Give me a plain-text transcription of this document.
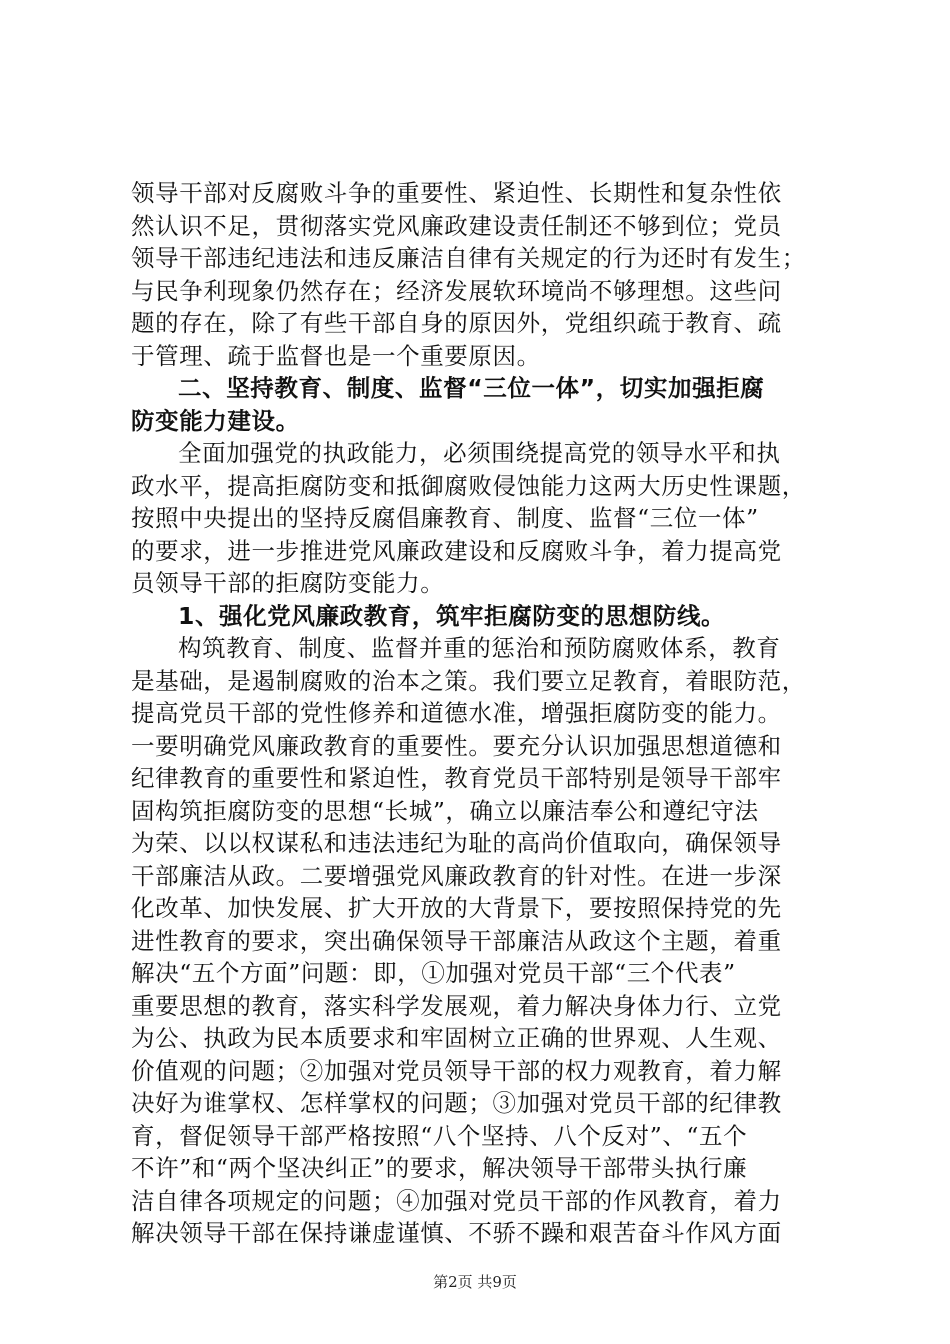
领导干部对反腐败斗争的重要性、紧迫性、长期性和复杂性依
然认识不足，贯彻落实党风廉政建设责任制还不够到位；党员
领导干部违纪违法和违反廉洁自律有关规定的行为还时有发生；
与民争利现象仍然存在；经济发展软环境尚不够理想。这些问
题的存在，除了有些干部自身的原因外，党组织疏于教育、疏
于管理、疏于监督也是一个重要原因。
二、坚持教育、制度、监督“三位一体”，切实加强拒腐
防变能力建设。
全面加强党的执政能力，必须围绕提高党的领导水平和执
政水平，提高拒腐防变和抵御腐败侵蚀能力这两大历史性课题，
按照中央提出的坚持反腐倡廉教育、制度、监督“三位一体”
的要求，进一步推进党风廉政建设和反腐败斗争，着力提高党
员领导干部的拒腐防变能力。
1、强化党风廉政教育，筑牢拒腐防变的思想防线。
构筑教育、制度、监督并重的惩治和预防腐败体系，教育
是基础，是遏制腐败的治本之策。我们要立足教育，着眼防范，
提高党员干部的党性修养和道德水准，增强拒腐防变的能力。
一要明确党风廉政教育的重要性。要充分认识加强思想道德和
纪律教育的重要性和紧迫性，教育党员干部特别是领导干部牢
固构筑拒腐防变的思想“长城”，确立以廉洁奉公和遵纪守法
为荣、以以权谋私和违法违纪为耻的高尚价值取向，确保领导
干部廉洁从政。二要增强党风廉政教育的针对性。在进一步深
化改革、加快发展、扩大开放的大背景下，要按照保持党的先
进性教育的要求，突出确保领导干部廉洁从政这个主题，着重
解决“五个方面”问题：即，①加强对党员干部“三个代表”
重要思想的教育，落实科学发展观，着力解决身体力行、立党
为公、执政为民本质要求和牢固树立正确的世界观、人生观、
价值观的问题；②加强对党员领导干部的权力观教育，着力解
决好为谁掌权、怎样掌权的问题；③加强对党员干部的纪律教
育，督促领导干部严格按照“八个坚持、八个反对”、“五个
不许”和“两个坚决纠正”的要求，解决领导干部带头执行廉
洁自律各项规定的问题；④加强对党员干部的作风教育，着力
解决领导干部在保持谦虚谨慎、不骄不躁和艰苦奋斗作风方面
第2页 共9页
